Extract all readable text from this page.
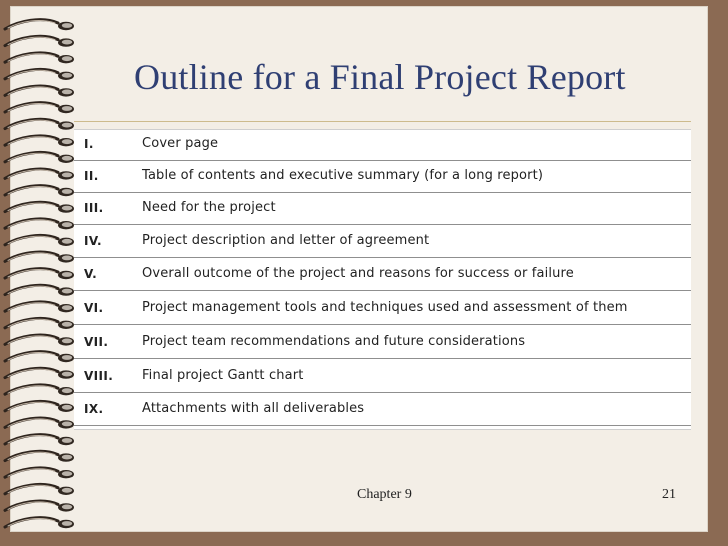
Outline for a Final Project Report
I.	Cover page
II.	Table of contents and executive summary (for a long report)
III.	Need for the project
IV.	Project description and letter of agreement
V.	Overall outcome of the project and reasons for success or failure
VI.	Project management tools and techniques used and assessment of them
VII.	Project team recommendations and future considerations
VIII. Final project Gantt chart
IX.	Attachments with all deliverables
Chapter 9	21
